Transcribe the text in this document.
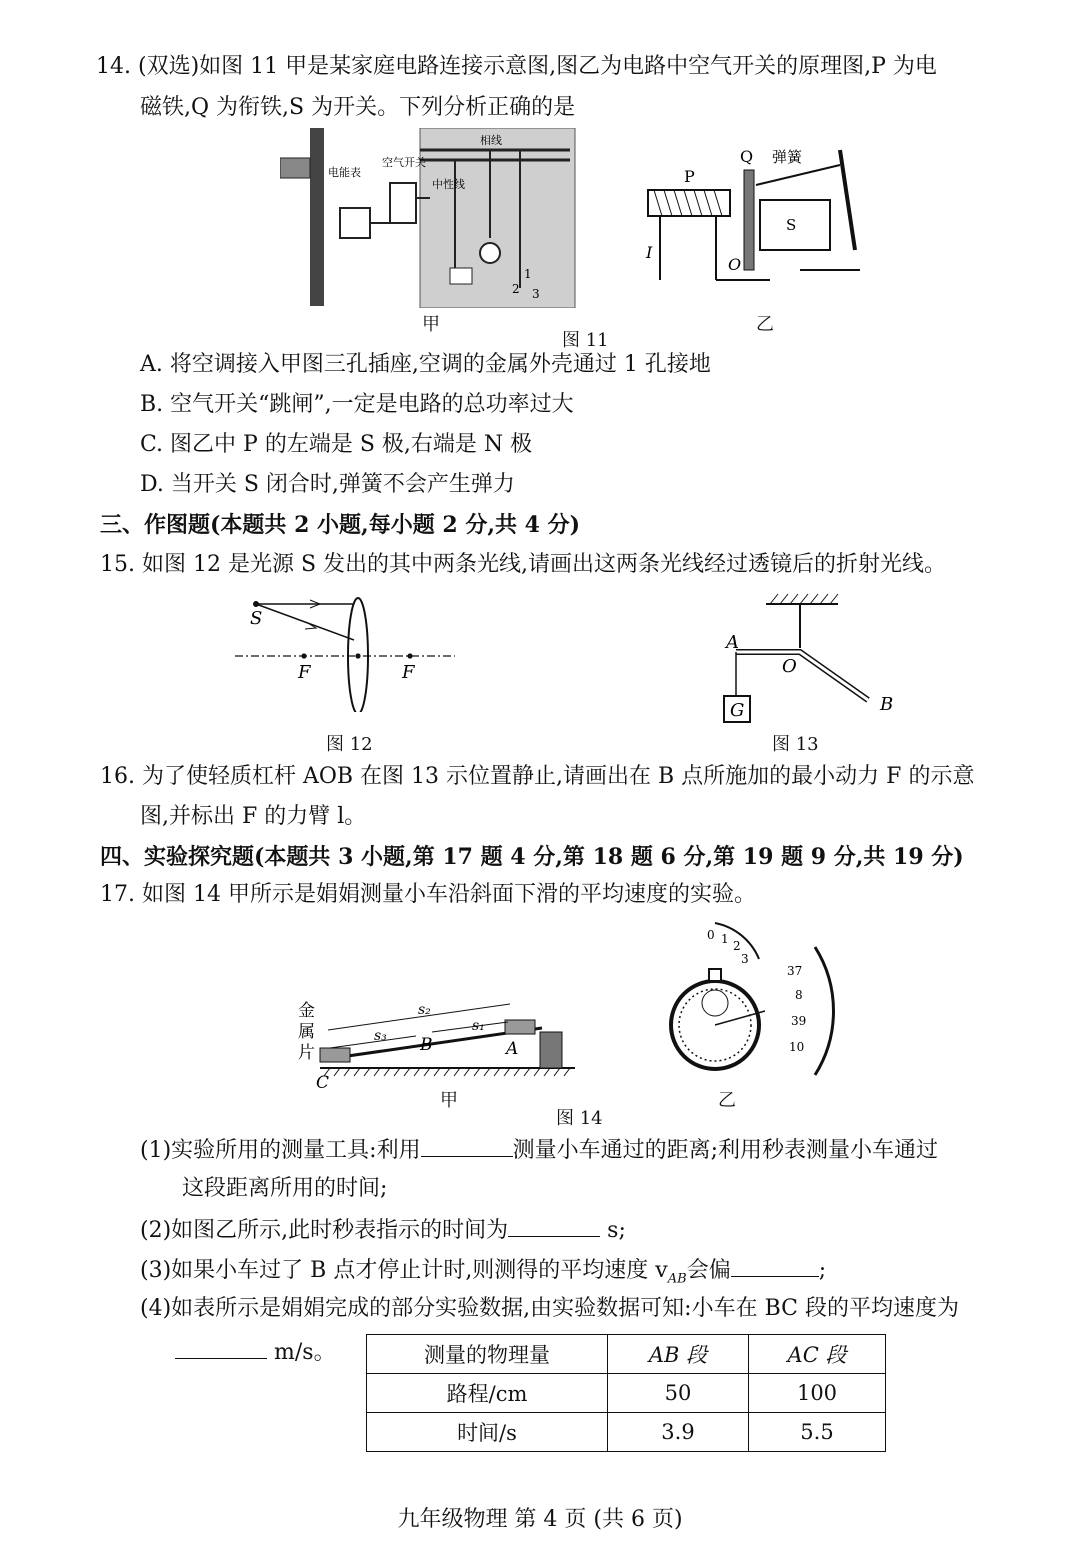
14. (双选)如图 11 甲是某家庭电路连接示意图,图乙为电路中空气开关的原理图,P 为电
磁铁,Q 为衔铁,S 为开关。下列分析正确的是
电能表
空气开关
相线
中性线
1
2 3
P
Q 弹簧
S
I
O
甲
图 11
乙
A. 将空调接入甲图三孔插座,空调的金属外壳通过 1 孔接地
B. 空气开关“跳闸”,一定是电路的总功率过大
C. 图乙中 P 的左端是 S 极,右端是 N 极
D. 当开关 S 闭合时,弹簧不会产生弹力
三、作图题(本题共 2 小题,每小题 2 分,共 4 分)
15. 如图 12 是光源 S 发出的其中两条光线,请画出这两条光线经过透镜后的折射光线。
S
F	F
图 12
A
O
B
G
图 13
16. 为了使轻质杠杆 AOB 在图 13 示位置静止,请画出在 B 点所施加的最小动力 F 的示意
图,并标出 F 的力臂 l。
四、实验探究题(本题共 3 小题,第 17 题 4 分,第 18 题 6 分,第 19 题 9 分,共 19 分)
17. 如图 14 甲所示是娟娟测量小车沿斜面下滑的平均速度的实验。
金
属
片
s₂
s₃
s₁
B	A
C
甲
图 14
0 1 2
3
37
8
39
10
乙
(1)实验所用的测量工具:利用	测量小车通过的距离;利用秒表测量小车通过
这段距离所用的时间;
(2)如图乙所示,此时秒表指示的时间为	s;
(3)如果小车过了 B 点才停止计时,则测得的平均速度 $v_{AB}$会偏	;
(4)如表所示是娟娟完成的部分实验数据,由实验数据可知:小车在 BC 段的平均速度为
m/s。	测量的物理量	AB 段	AC 段
路程/cm	50	100
时间/s	3.9	5.5
九年级物理 第 4 页 (共 6 页)
